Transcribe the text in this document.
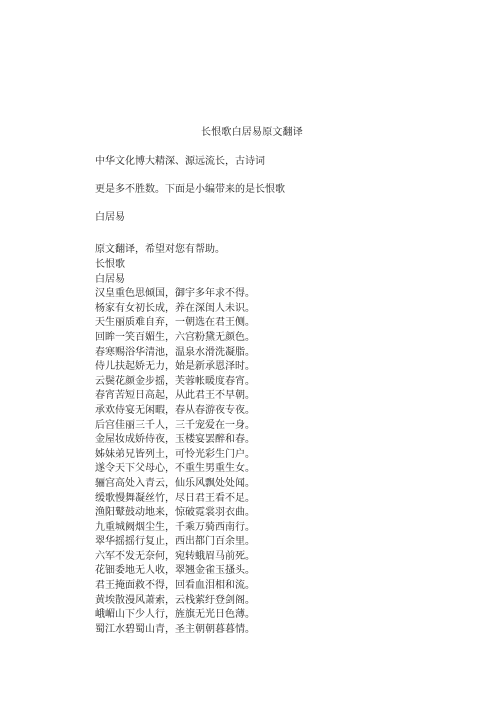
长恨歌白居易原文翻译

中华文化博大精深、源远流长，古诗词

更是多不胜数。下面是小编带来的是长恨歌

白居易

原文翻译，希望对您有帮助。

长恨歌
白居易
汉皇重色思倾国，御宇多年求不得。
杨家有女初长成，养在深闺人未识。
天生丽质难自弃，一朝选在君王侧。
回眸一笑百媚生，六宫粉黛无颜色。
春寒赐浴华清池，温泉水滑洗凝脂。
侍儿扶起娇无力，始是新承恩泽时。
云鬓花颜金步摇，芙蓉帐暖度春宵。
春宵苦短日高起，从此君王不早朝。
承欢侍宴无闲暇，春从春游夜专夜。
后宫佳丽三千人，三千宠爱在一身。
金屋妆成娇侍夜，玉楼宴罢醉和春。
姊妹弟兄皆列土，可怜光彩生门户。
遂令天下父母心，不重生男重生女。
骊宫高处入青云，仙乐风飘处处闻。
缓歌慢舞凝丝竹，尽日君王看不足。
渔阳鼙鼓动地来，惊破霓裳羽衣曲。
九重城阙烟尘生，千乘万骑西南行。
翠华摇摇行复止，西出都门百余里。
六军不发无奈何，宛转蛾眉马前死。
花钿委地无人收，翠翘金雀玉搔头。
君王掩面救不得，回看血泪相和流。
黄埃散漫风萧索，云栈萦纡登剑阁。
峨嵋山下少人行，旌旗无光日色薄。
蜀江水碧蜀山青，圣主朝朝暮暮情。
